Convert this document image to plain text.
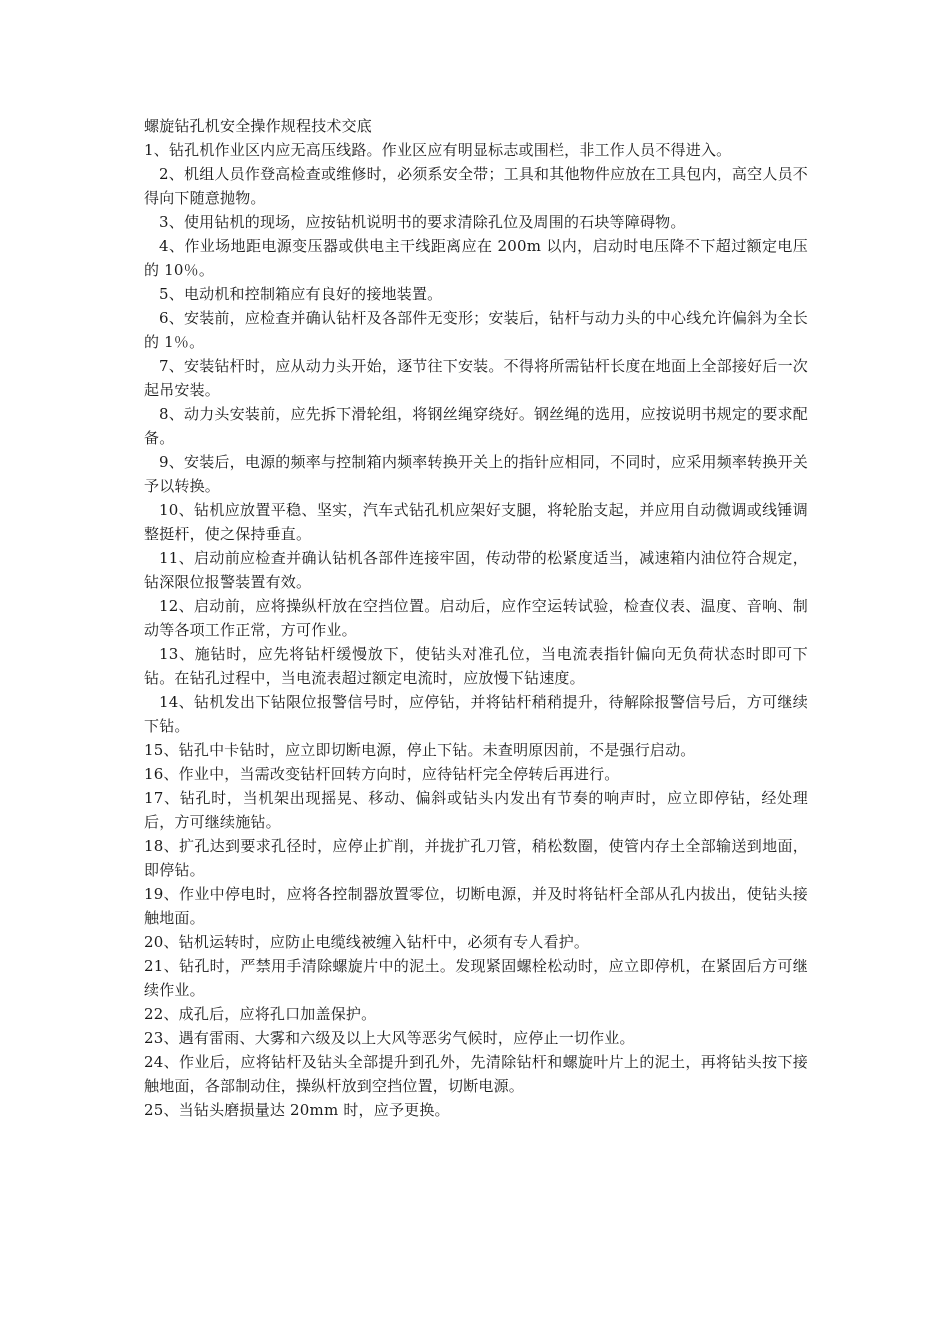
螺旋钻孔机安全操作规程技术交底

1、钻孔机作业区内应无高压线路。作业区应有明显标志或围栏，非工作人员不得进入。

2、机组人员作登高检查或维修时，必须系安全带；工具和其他物件应放在工具包内，高空人员不得向下随意抛物。

3、使用钻机的现场，应按钻机说明书的要求清除孔位及周围的石块等障碍物。

4、作业场地距电源变压器或供电主干线距离应在 200m 以内，启动时电压降不下超过额定电压的 10％。

5、电动机和控制箱应有良好的接地装置。

6、安装前，应检查并确认钻杆及各部件无变形；安装后，钻杆与动力头的中心线允许偏斜为全长的 1％。

7、安装钻杆时，应从动力头开始，逐节往下安装。不得将所需钻杆长度在地面上全部接好后一次起吊安装。

8、动力头安装前，应先拆下滑轮组，将钢丝绳穿绕好。钢丝绳的选用，应按说明书规定的要求配备。

9、安装后，电源的频率与控制箱内频率转换开关上的指针应相同，不同时，应采用频率转换开关予以转换。

10、钻机应放置平稳、坚实，汽车式钻孔机应架好支腿，将轮胎支起，并应用自动微调或线锤调整挺杆，使之保持垂直。

11、启动前应检查并确认钻机各部件连接牢固，传动带的松紧度适当，减速箱内油位符合规定，钻深限位报警装置有效。

12、启动前，应将操纵杆放在空挡位置。启动后，应作空运转试验，检查仪表、温度、音响、制动等各项工作正常，方可作业。

13、施钻时，应先将钻杆缓慢放下，使钻头对准孔位，当电流表指针偏向无负荷状态时即可下钻。在钻孔过程中，当电流表超过额定电流时，应放慢下钻速度。

14、钻机发出下钻限位报警信号时，应停钻，并将钻杆稍稍提升，待解除报警信号后，方可继续下钻。

15、钻孔中卡钻时，应立即切断电源，停止下钻。未查明原因前，不是强行启动。

16、作业中，当需改变钻杆回转方向时，应待钻杆完全停转后再进行。

17、钻孔时，当机架出现摇晃、移动、偏斜或钻头内发出有节奏的响声时，应立即停钻，经处理后，方可继续施钻。

18、扩孔达到要求孔径时，应停止扩削，并拢扩孔刀管，稍松数圈，使管内存土全部输送到地面，即停钻。

19、作业中停电时，应将各控制器放置零位，切断电源，并及时将钻杆全部从孔内拔出，使钻头接触地面。

20、钻机运转时，应防止电缆线被缠入钻杆中，必须有专人看护。

21、钻孔时，严禁用手清除螺旋片中的泥土。发现紧固螺栓松动时，应立即停机，在紧固后方可继续作业。

22、成孔后，应将孔口加盖保护。

23、遇有雷雨、大雾和六级及以上大风等恶劣气候时，应停止一切作业。

24、作业后，应将钻杆及钻头全部提升到孔外，先清除钻杆和螺旋叶片上的泥土，再将钻头按下接触地面，各部制动住，操纵杆放到空挡位置，切断电源。

25、当钻头磨损量达 20mm 时，应予更换。
